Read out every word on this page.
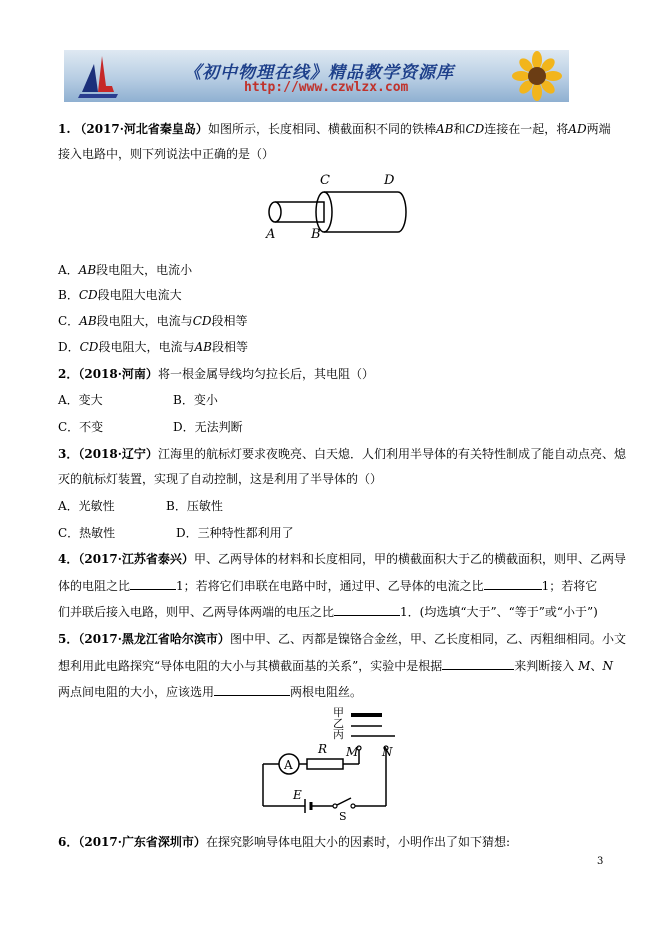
《初中物理在线》精品教学资源库
http://www.czwlzx.com
1. （2017·河北省秦皇岛）如图所示，长度相同、横截面积不同的铁棒AB和CD连接在一起，将AD两端
接入电路中，则下列说法中正确的是（）
A	B
C	D
A．AB段电阻大，电流小
B．CD段电阻大电流大
C．AB段电阻大，电流与CD段相等
D．CD段电阻大，电流与AB段相等
2．（2018·河南）将一根金属导线均匀拉长后，其电阻（）
A．变大	B．变小
C．不变	D．无法判断
3．（2018·辽宁）江海里的航标灯要求夜晚亮、白天熄．人们利用半导体的有关特性制成了能自动点亮、熄
灭的航标灯装置，实现了自动控制，这是利用了半导体的（）
A．光敏性	B．压敏性
C．热敏性	D．三种特性都利用了
4．（2017·江苏省泰兴）甲、乙两导体的材料和长度相同，甲的横截面积大于乙的横截面积，则甲、乙两导
体的电阻之比	1；若将它们串联在电路中时，通过甲、乙导体的电流之比	1；若将它
们并联后接入电路，则甲、乙两导体两端的电压之比	1．(均选填“大于”、“等于”或“小于”)
5．（2017·黑龙江省哈尔滨市）图中甲、乙、丙都是镍铬合金丝，甲、乙长度相同，乙、丙粗细相同。小文
想利用此电路探究“导体电阻的大小与其横截面基的关系”，实验中是根据	来判断接入 M、N
两点间电阻的大小，应该选用	两根电阻丝。
甲
乙
丙
A
R M N
E
S
6．（2017·广东省深圳市）在探究影响导体电阻大小的因素时，小明作出了如下猜想:
3
